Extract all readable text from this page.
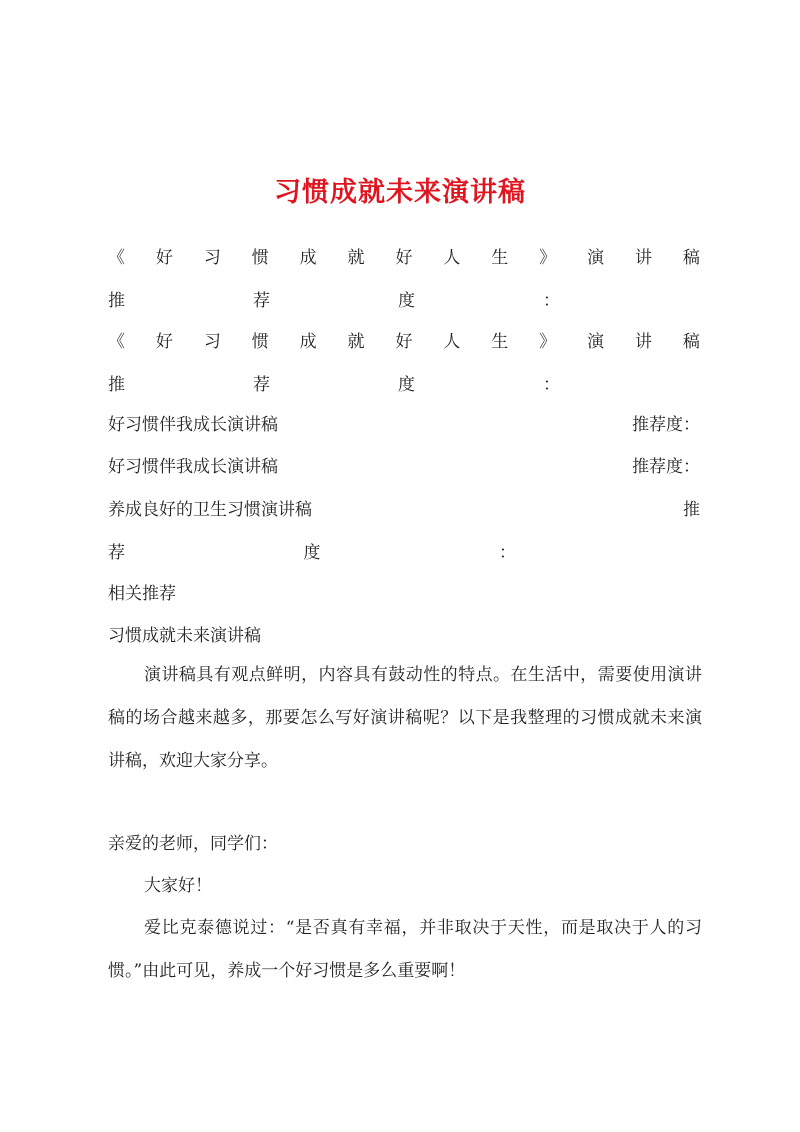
习惯成就未来演讲稿
《 好 习 惯 成 就 好 人 生 》 演 讲 稿
推	荐	度	：
《 好 习 惯 成 就 好 人 生 》 演 讲 稿
推	荐	度	：
好习惯伴我成长演讲稿	推荐度：
好习惯伴我成长演讲稿	推荐度：
养成良好的卫生习惯演讲稿	推
荐	度	：
相关推荐
习惯成就未来演讲稿
演讲稿具有观点鲜明，内容具有鼓动性的特点。在生活中，需要使用演讲稿的场合越来越多，那要怎么写好演讲稿呢？以下是我整理的习惯成就未来演讲稿，欢迎大家分享。
亲爱的老师，同学们：
大家好！
爱比克泰德说过：“是否真有幸福，并非取决于天性，而是取决于人的习惯。”由此可见，养成一个好习惯是多么重要啊！
